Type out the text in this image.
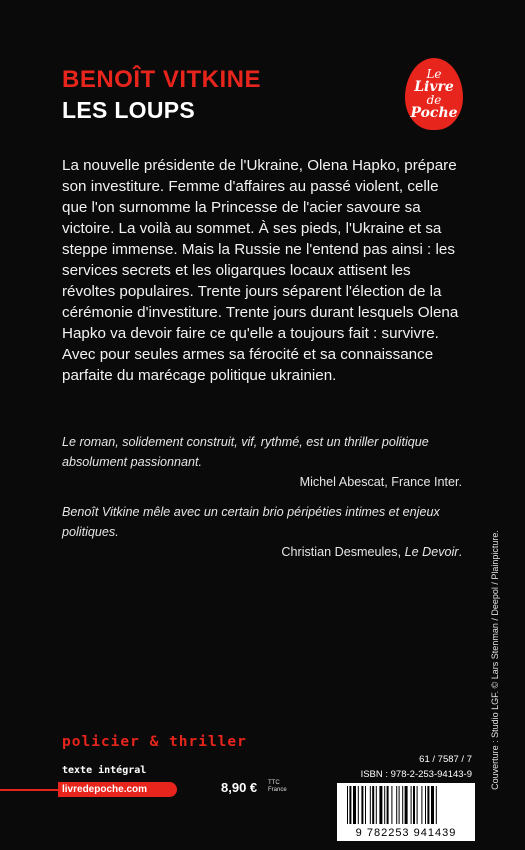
BENOÎT VITKINE
LES LOUPS
Le
Livre
de
Poche

La nouvelle présidente de l'Ukraine, Olena Hapko, prépare son investiture. Femme d'affaires au passé violent, celle que l'on surnomme la Princesse de l'acier savoure sa victoire. La voilà au sommet. À ses pieds, l'Ukraine et sa steppe immense. Mais la Russie ne l'entend pas ainsi : les services secrets et les oligarques locaux attisent les révoltes populaires. Trente jours séparent l'élection de la cérémonie d'investiture. Trente jours durant lesquels Olena Hapko va devoir faire ce qu'elle a toujours fait : survivre. Avec pour seules armes sa férocité et sa connaissance parfaite du marécage politique ukrainien.

Le roman, solidement construit, vif, rythmé, est un thriller politique absolument passionnant.
Michel Abescat, France Inter.
Benoît Vitkine mêle avec un certain brio péripéties intimes et enjeux politiques.
Christian Desmeules, Le Devoir.
policier & thriller
texte intégral
livredepoche.com	8,90 € TTC
France
61 / 7587 / 7
ISBN : 978-2-253-94143-9
9 782253 941439
Couverture : Studio LGF. © Lars Stenman / Deepol / Plainpicture.
